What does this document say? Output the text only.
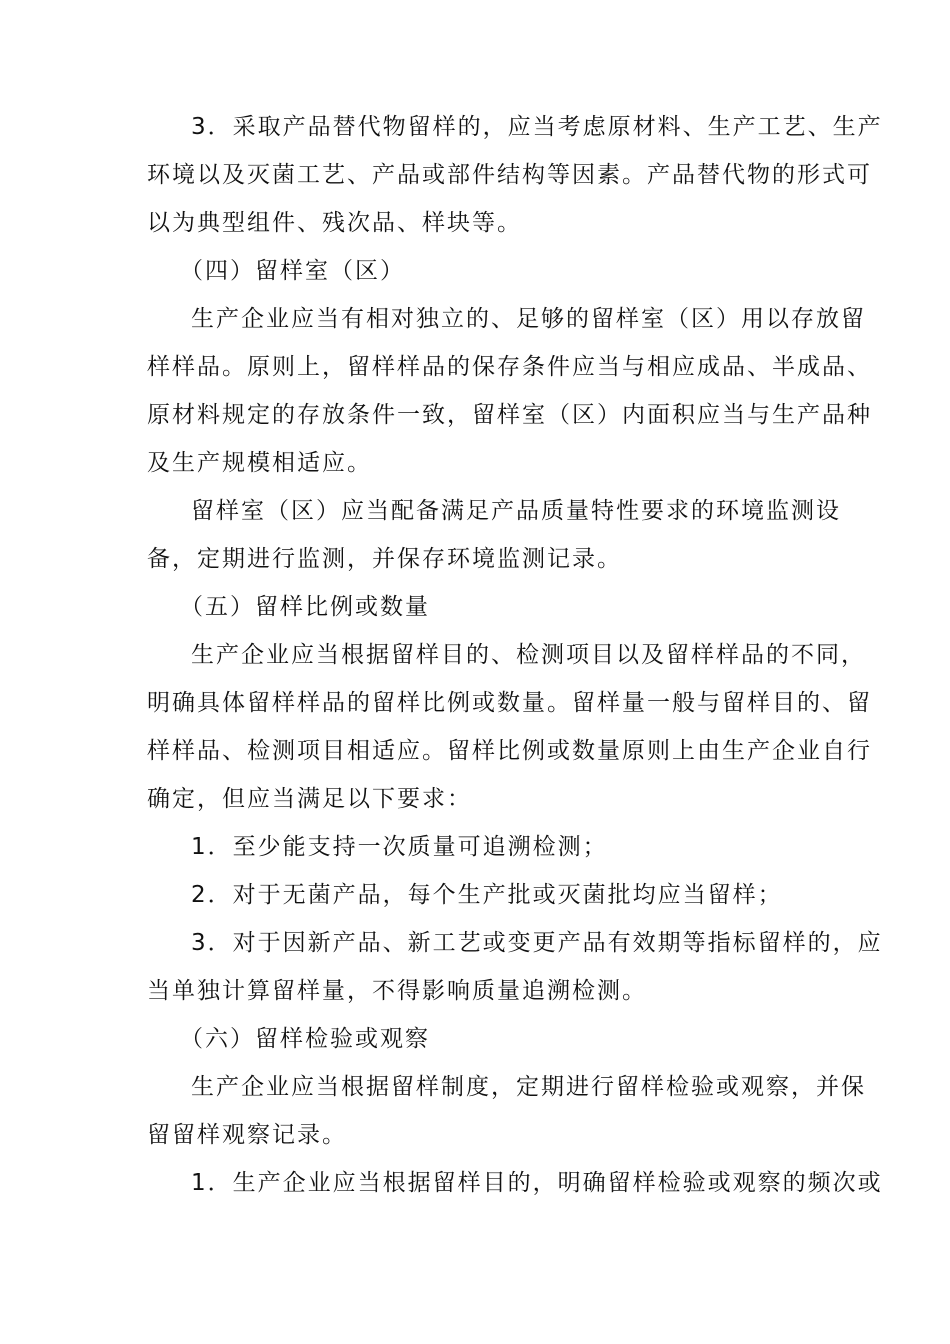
3．采取产品替代物留样的，应当考虑原材料、生产工艺、生产
环境以及灭菌工艺、产品或部件结构等因素。产品替代物的形式可
以为典型组件、残次品、样块等。
（四）留样室（区）
生产企业应当有相对独立的、足够的留样室（区）用以存放留
样样品。原则上，留样样品的保存条件应当与相应成品、半成品、
原材料规定的存放条件一致，留样室（区）内面积应当与生产品种
及生产规模相适应。
留样室（区）应当配备满足产品质量特性要求的环境监测设
备，定期进行监测，并保存环境监测记录。
（五）留样比例或数量
生产企业应当根据留样目的、检测项目以及留样样品的不同，
明确具体留样样品的留样比例或数量。留样量一般与留样目的、留
样样品、检测项目相适应。留样比例或数量原则上由生产企业自行
确定，但应当满足以下要求：
1．至少能支持一次质量可追溯检测；
2．对于无菌产品，每个生产批或灭菌批均应当留样；
3．对于因新产品、新工艺或变更产品有效期等指标留样的，应
当单独计算留样量，不得影响质量追溯检测。
（六）留样检验或观察
生产企业应当根据留样制度，定期进行留样检验或观察，并保
留留样观察记录。
1．生产企业应当根据留样目的，明确留样检验或观察的频次或
